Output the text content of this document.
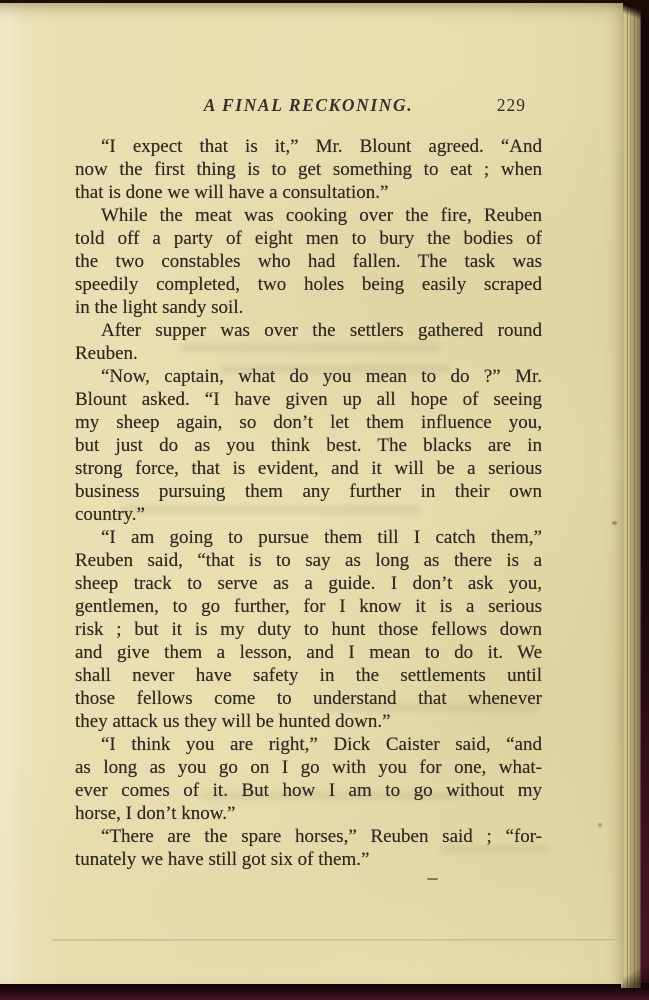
A FINAL RECKONING.	229
“I expect that is it,” Mr. Blount agreed. “And
now the first thing is to get something to eat ; when
that is done we will have a consultation.”
While the meat was cooking over the fire, Reuben
told off a party of eight men to bury the bodies of
the two constables who had fallen. The task was
speedily completed, two holes being easily scraped
in the light sandy soil.
After supper was over the settlers gathered round
Reuben.
“Now, captain, what do you mean to do ?” Mr.
Blount asked. “I have given up all hope of seeing
my sheep again, so don’t let them influence you,
but just do as you think best. The blacks are in
strong force, that is evident, and it will be a serious
business pursuing them any further in their own
country.”
“I am going to pursue them till I catch them,”
Reuben said, “that is to say as long as there is a
sheep track to serve as a guide. I don’t ask you,
gentlemen, to go further, for I know it is a serious
risk ; but it is my duty to hunt those fellows down
and give them a lesson, and I mean to do it. We
shall never have safety in the settlements until
those fellows come to understand that whenever
they attack us they will be hunted down.”
“I think you are right,” Dick Caister said, “and
as long as you go on I go with you for one, what-
ever comes of it. But how I am to go without my
horse, I don’t know.”
“There are the spare horses,” Reuben said ; “for-
tunately we have still got six of them.”
